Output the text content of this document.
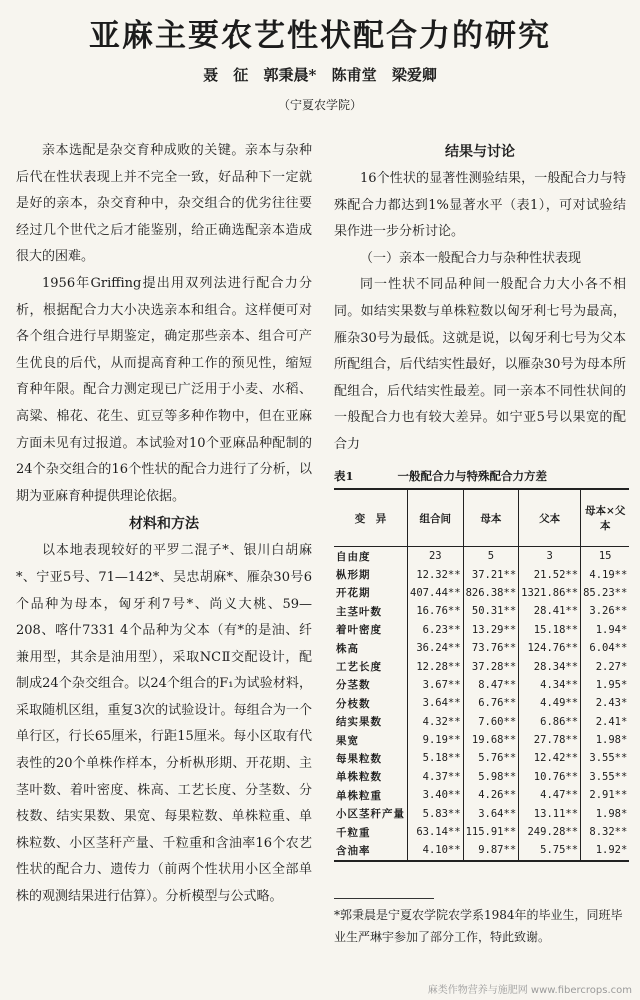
亚麻主要农艺性状配合力的研究
聂 征 郭秉晨* 陈甫堂 梁爱卿
（宁夏农学院）

亲本选配是杂交育种成败的关键。亲本与杂种后代在性状表现上并不完全一致，好品种下一定就是好的亲本，杂交育种中，杂交组合的优劣往往要经过几个世代之后才能鉴别，给正确选配亲本造成很大的困难。

1956年Griffing提出用双列法进行配合力分析，根据配合力大小决选亲本和组合。这样便可对各个组合进行早期鉴定，确定那些亲本、组合可产生优良的后代，从而提高育种工作的预见性，缩短育种年限。配合力测定现已广泛用于小麦、水稻、高粱、棉花、花生、豇豆等多种作物中，但在亚麻方面未见有过报道。本试验对10个亚麻品种配制的24个杂交组合的16个性状的配合力进行了分析，以期为亚麻育种提供理论依据。

材料和方法

以本地表现较好的平罗二混子*、银川白胡麻*、宁亚5号、71—142*、吴忠胡麻*、雁杂30号6个品种为母本，匈牙利7号*、尚义大桃、59—208、喀什7331 4个品种为父本（有*的是油、纤兼用型，其余是油用型），采取NCⅡ交配设计，配制成24个杂交组合。以24个组合的F₁为试验材料，采取随机区组，重复3次的试验设计。每组合为一个单行区，行长65厘米，行距15厘米。每小区取有代表性的20个单株作样本，分析枞形期、开花期、主茎叶数、着叶密度、株高、工艺长度、分茎数、分枝数、结实果数、果宽、每果粒数、单株粒重、单株粒数、小区茎秆产量、千粒重和含油率16个农艺性状的配合力、遗传力（前两个性状用小区全部单株的观测结果进行估算）。分析模型与公式略。

结果与讨论

16个性状的显著性测验结果，一般配合力与特殊配合力都达到1%显著水平（表1），可对试验结果作进一步分析讨论。

（一）亲本一般配合力与杂种性状表现

同一性状不同品种间一般配合力大小各不相同。如结实果数与单株粒数以匈牙利七号为最高，雁杂30号为最低。这就是说，以匈牙利七号为父本所配组合，后代结实性最好，以雁杂30号为母本所配组合，后代结实性最差。同一亲本不同性状间的一般配合力也有较大差异。如宁亚5号以果宽的配合力

表1	一般配合力与特殊配合力方差
变　异	组合间	母本	父本	母本×父本
自由度	23	5	3	15
枞形期	12.32**	37.21**	21.52**	4.19**
开花期	407.44**	826.38**	1321.86**	85.23**
主茎叶数	16.76**	50.31**	28.41**	3.26**
着叶密度	6.23**	13.29**	15.18**	1.94*
株高	36.24**	73.76**	124.76**	6.04**
工艺长度	12.28**	37.28**	28.34**	2.27*
分茎数	3.67**	8.47**	4.34**	1.95*
分枝数	3.64**	6.76**	4.49**	2.43*
结实果数	4.32**	7.60**	6.86**	2.41*
果宽	9.19**	19.68**	27.78**	1.98*
每果粒数	5.18**	5.76**	12.42**	3.55**
单株粒数	4.37**	5.98**	10.76**	3.55**
单株粒重	3.40**	4.26**	4.47**	2.91**
小区茎秆产量	5.83**	3.64**	13.11**	1.98*
千粒重	63.14**	115.91**	249.28**	8.32**
含油率	4.10**	9.87**	5.75**	1.92*
*郭秉晨是宁夏农学院农学系1984年的毕业生，同班毕业生严琳宇参加了部分工作，特此致谢。
麻类作物营养与施肥网 www.fibercrops.com
